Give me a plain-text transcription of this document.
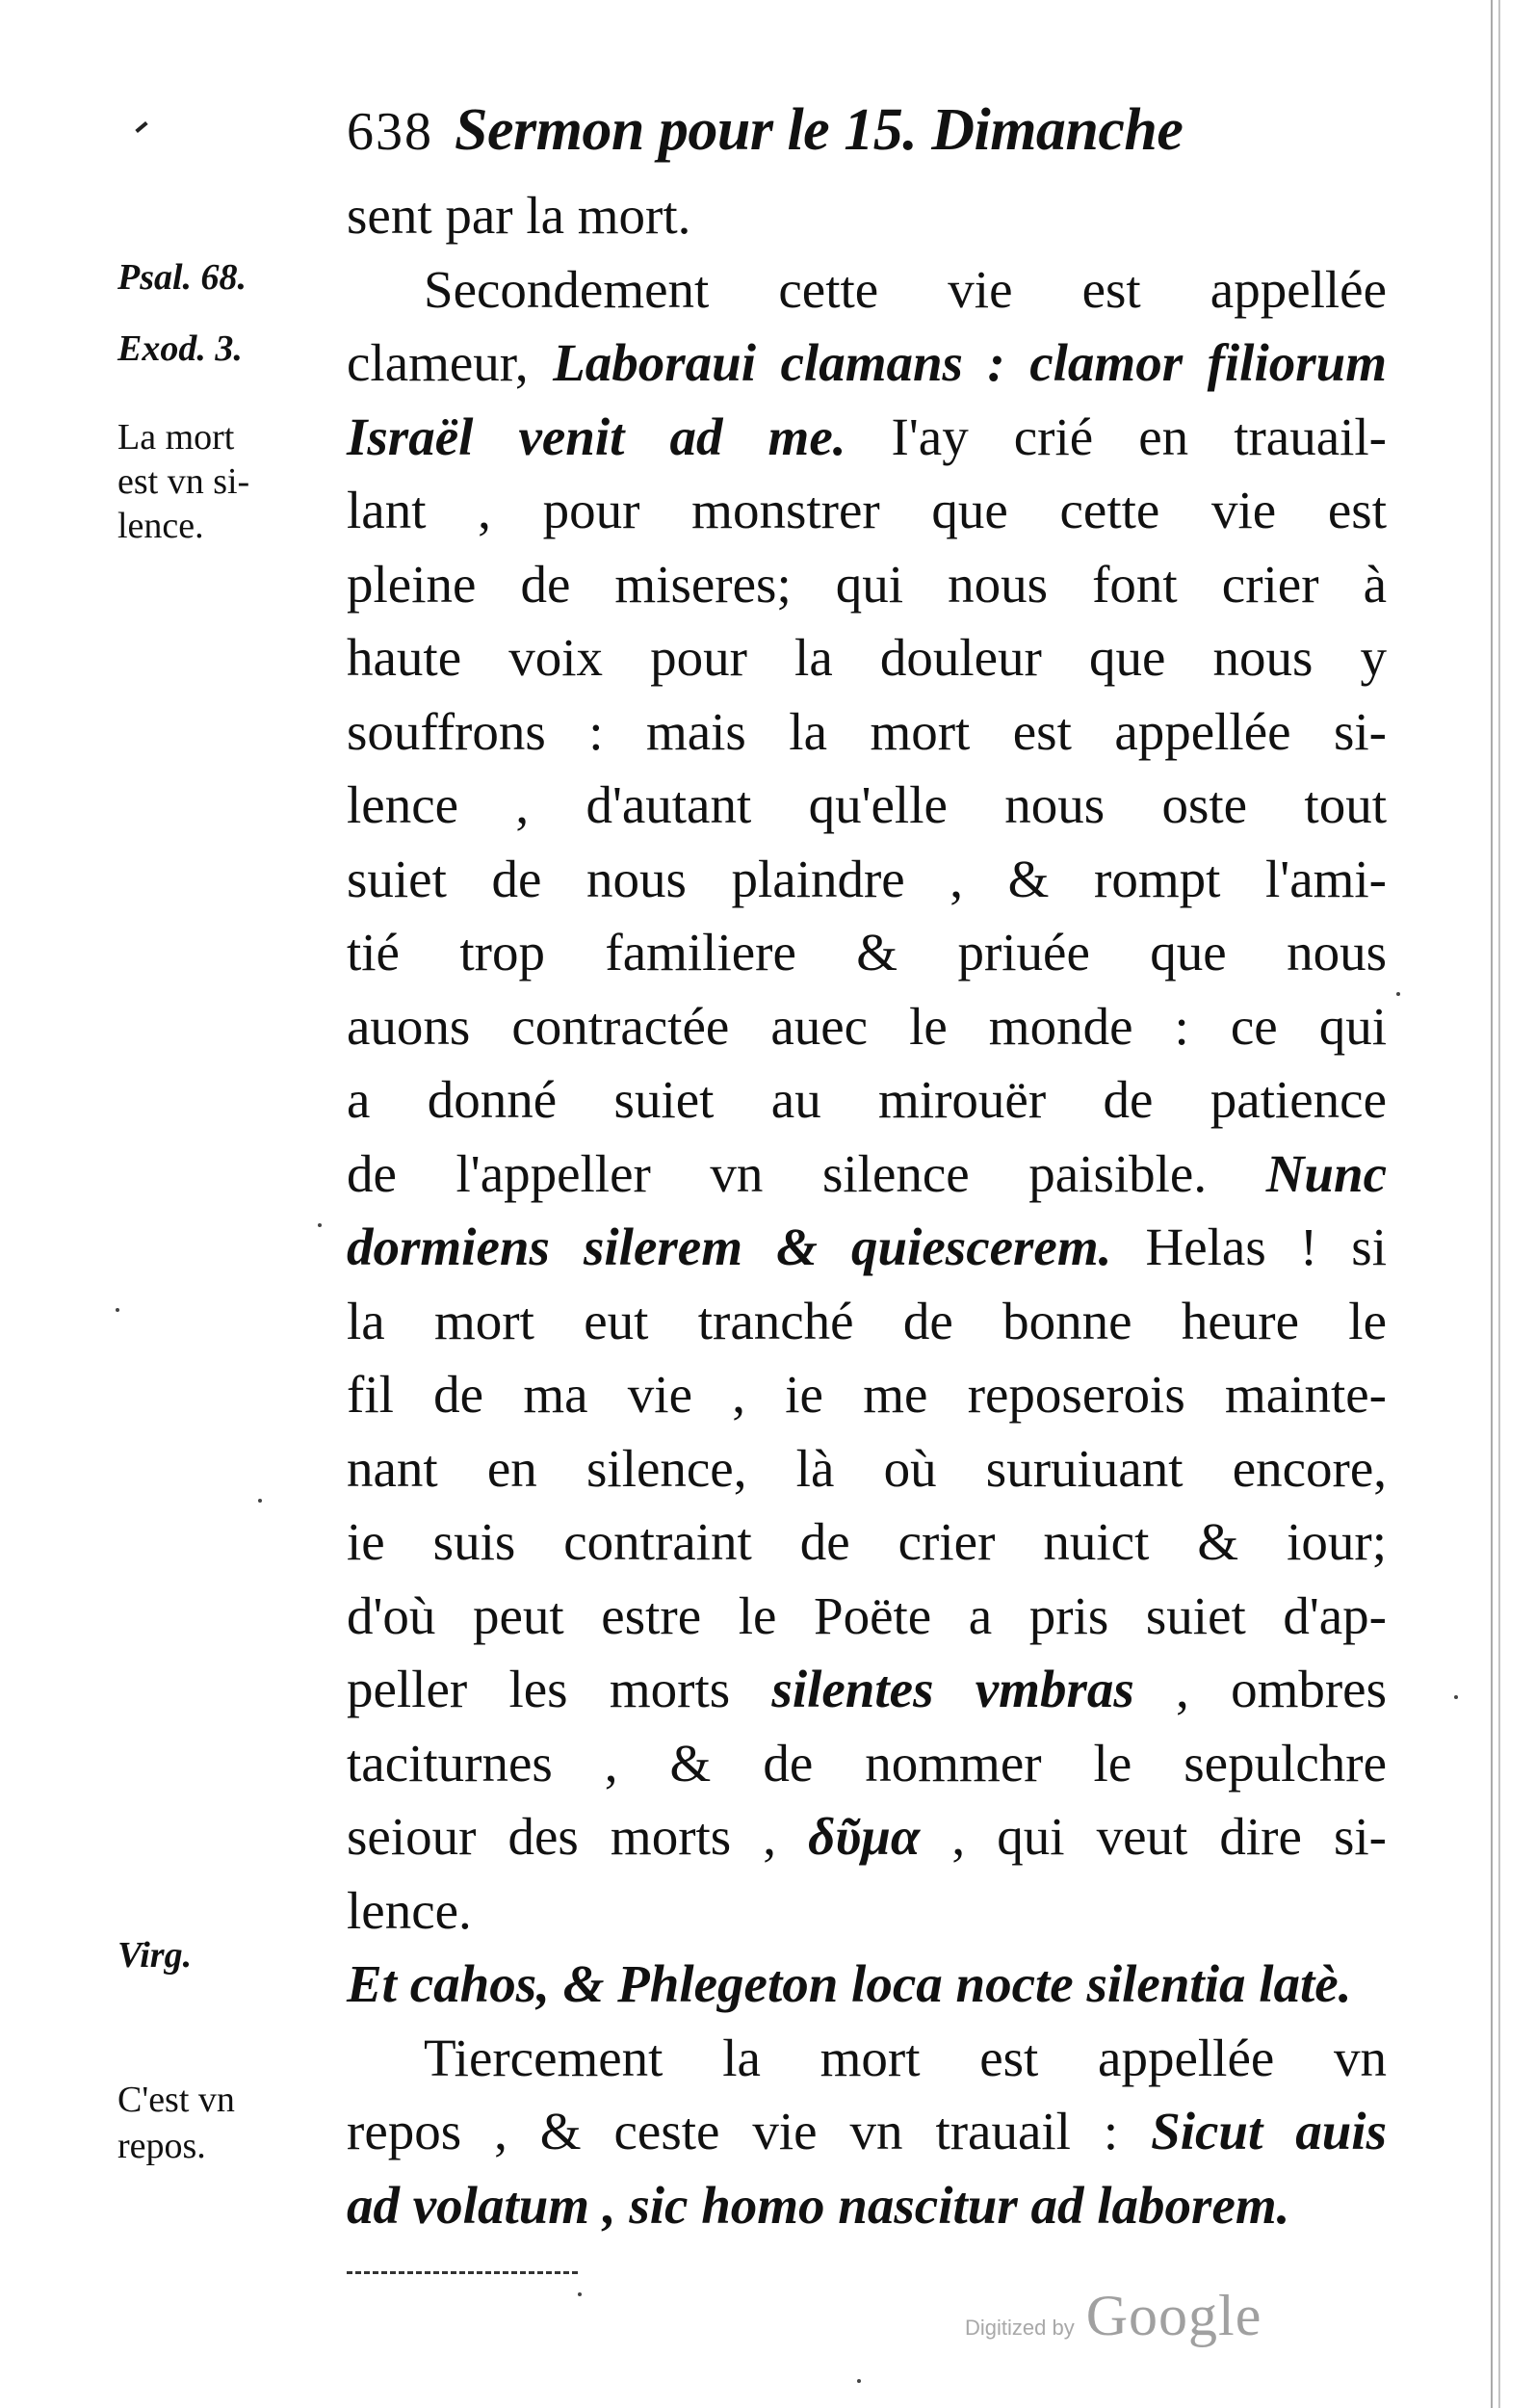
638 Sermon pour le 15. Dimanche
Psal. 68.
Exod. 3.
La mort
est vn si-
lence.
Virg.
C'est vn
repos.
sent par la mort.
Secondement cette vie est appellée
clameur, Laboraui clamans : clamor filiorum
Israël venit ad me. I'ay crié en trauail-
lant , pour monstrer que cette vie est
pleine de miseres; qui nous font crier à
haute voix pour la douleur que nous y
souffrons : mais la mort est appellée si-
lence , d'autant qu'elle nous oste tout
suiet de nous plaindre , & rompt l'ami-
tié trop familiere & priuée que nous
auons contractée auec le monde : ce qui
a donné suiet au mirouër de patience
de l'appeller vn silence paisible. Nunc
dormiens silerem & quiescerem. Helas ! si
la mort eut tranché de bonne heure le
fil de ma vie , ie me reposerois mainte-
nant en silence, là où suruiuant encore,
ie suis contraint de crier nuict & iour;
d'où peut estre le Poëte a pris suiet d'ap-
peller les morts silentes vmbras , ombres
taciturnes , & de nommer le sepulchre
seiour des morts , δῦμα , qui veut dire si-
lence.
Et cahos, & Phlegeton loca nocte silentia latè.
Tiercement la mort est appellée vn
repos , & ceste vie vn trauail : Sicut auis
ad volatum , sic homo nascitur ad laborem.
Digitized by Google
